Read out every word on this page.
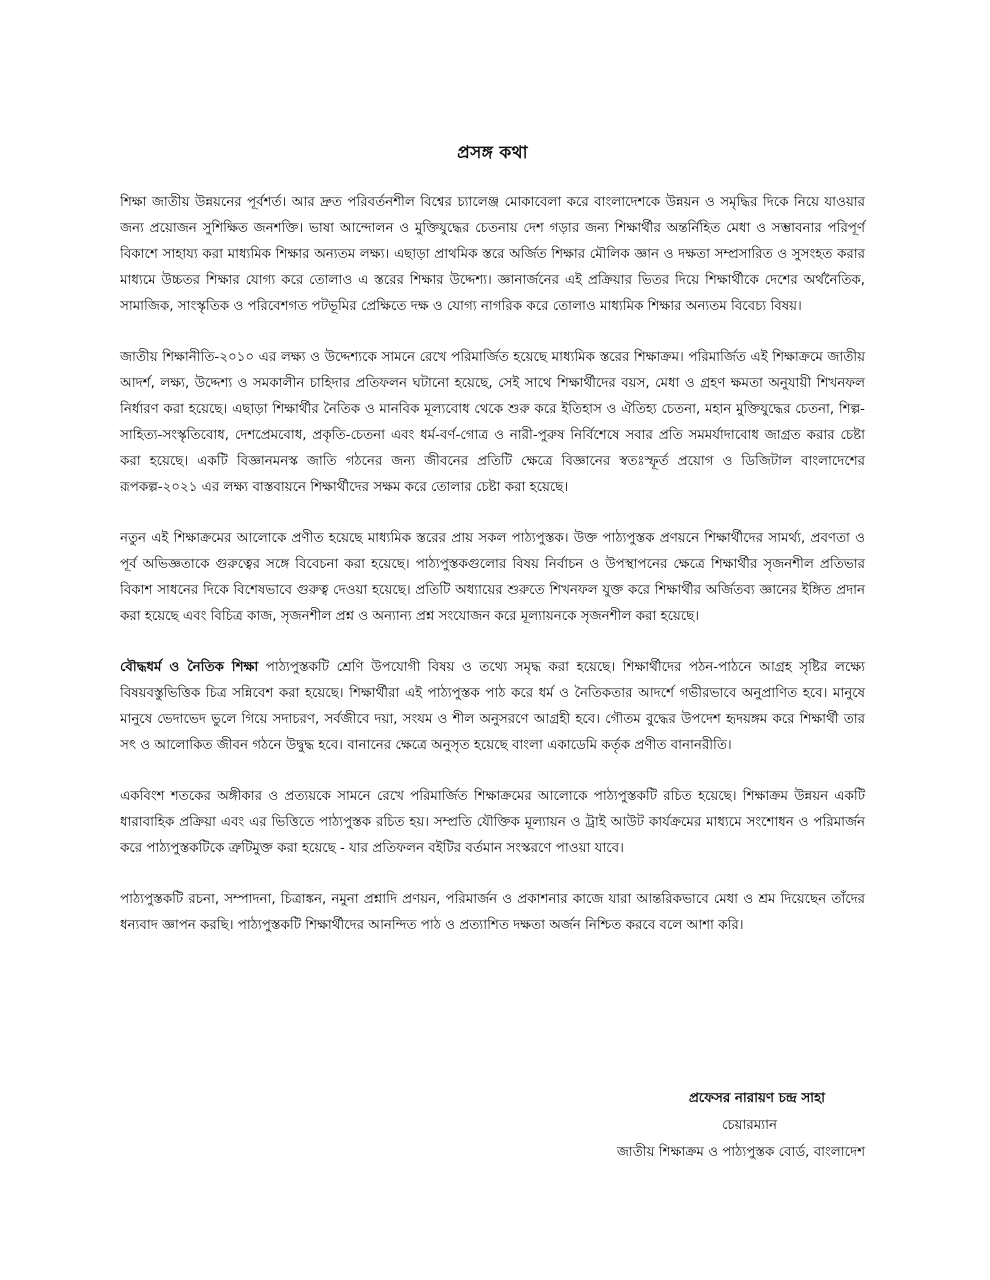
প্রসঙ্গ কথা

শিক্ষা জাতীয় উন্নয়নের পূর্বশর্ত। আর দ্রুত পরিবর্তনশীল বিশ্বের চ্যালেঞ্জ মোকাবেলা করে বাংলাদেশকে উন্নয়ন ও সমৃদ্ধির দিকে নিয়ে যাওয়ার জন্য প্রয়োজন সুশিক্ষিত জনশক্তি। ভাষা আন্দোলন ও মুক্তিযুদ্ধের চেতনায় দেশ গড়ার জন্য শিক্ষার্থীর অন্তর্নিহিত মেধা ও সম্ভাবনার পরিপূর্ণ বিকাশে সাহায্য করা মাধ্যমিক শিক্ষার অন্যতম লক্ষ্য। এছাড়া প্রাথমিক স্তরে অর্জিত শিক্ষার মৌলিক জ্ঞান ও দক্ষতা সম্প্রসারিত ও সুসংহত করার মাধ্যমে উচ্চতর শিক্ষার যোগ্য করে তোলাও এ স্তরের শিক্ষার উদ্দেশ্য। জ্ঞানার্জনের এই প্রক্রিয়ার ভিতর দিয়ে শিক্ষার্থীকে দেশের অর্থনৈতিক, সামাজিক, সাংস্কৃতিক ও পরিবেশগত পটভূমির প্রেক্ষিতে দক্ষ ও যোগ্য নাগরিক করে তোলাও মাধ্যমিক শিক্ষার অন্যতম বিবেচ্য বিষয়।

জাতীয় শিক্ষানীতি-২০১০ এর লক্ষ্য ও উদ্দেশ্যকে সামনে রেখে পরিমার্জিত হয়েছে মাধ্যমিক স্তরের শিক্ষাক্রম। পরিমার্জিত এই শিক্ষাক্রমে জাতীয় আদর্শ, লক্ষ্য, উদ্দেশ্য ও সমকালীন চাহিদার প্রতিফলন ঘটানো হয়েছে, সেই সাথে শিক্ষার্থীদের বয়স, মেধা ও গ্রহণ ক্ষমতা অনুযায়ী শিখনফল নির্ধারণ করা হয়েছে। এছাড়া শিক্ষার্থীর নৈতিক ও মানবিক মূল্যবোধ থেকে শুরু করে ইতিহাস ও ঐতিহ্য চেতনা, মহান মুক্তিযুদ্ধের চেতনা, শিল্প-সাহিত্য-সংস্কৃতিবোধ, দেশপ্রেমবোধ, প্রকৃতি-চেতনা এবং ধর্ম-বর্ণ-গোত্র ও নারী-পুরুষ নির্বিশেষে সবার প্রতি সমমর্যাদাবোধ জাগ্রত করার চেষ্টা করা হয়েছে। একটি বিজ্ঞানমনস্ক জাতি গঠনের জন্য জীবনের প্রতিটি ক্ষেত্রে বিজ্ঞানের স্বতঃস্ফূর্ত প্রয়োগ ও ডিজিটাল বাংলাদেশের রূপকল্প-২০২১ এর লক্ষ্য বাস্তবায়নে শিক্ষার্থীদের সক্ষম করে তোলার চেষ্টা করা হয়েছে।

নতুন এই শিক্ষাক্রমের আলোকে প্রণীত হয়েছে মাধ্যমিক স্তরের প্রায় সকল পাঠ্যপুস্তক। উক্ত পাঠ্যপুস্তক প্রণয়নে শিক্ষার্থীদের সামর্থ্য, প্রবণতা ও পূর্ব অভিজ্ঞতাকে গুরুত্বের সঙ্গে বিবেচনা করা হয়েছে। পাঠ্যপুস্তকগুলোর বিষয় নির্বাচন ও উপস্থাপনের ক্ষেত্রে শিক্ষার্থীর সৃজনশীল প্রতিভার বিকাশ সাধনের দিকে বিশেষভাবে গুরুত্ব দেওয়া হয়েছে। প্রতিটি অধ্যায়ের শুরুতে শিখনফল যুক্ত করে শিক্ষার্থীর অর্জিতব্য জ্ঞানের ইঙ্গিত প্রদান করা হয়েছে এবং বিচিত্র কাজ, সৃজনশীল প্রশ্ন ও অন্যান্য প্রশ্ন সংযোজন করে মূল্যায়নকে সৃজনশীল করা হয়েছে।

বৌদ্ধধর্ম ও নৈতিক শিক্ষা পাঠ্যপুস্তকটি শ্রেণি উপযোগী বিষয় ও তথ্যে সমৃদ্ধ করা হয়েছে। শিক্ষার্থীদের পঠন-পাঠনে আগ্রহ সৃষ্টির লক্ষ্যে বিষয়বস্তুভিত্তিক চিত্র সন্নিবেশ করা হয়েছে। শিক্ষার্থীরা এই পাঠ্যপুস্তক পাঠ করে ধর্ম ও নৈতিকতার আদর্শে গভীরভাবে অনুপ্রাণিত হবে। মানুষে মানুষে ভেদাভেদ ভুলে গিয়ে সদাচরণ, সর্বজীবে দয়া, সংযম ও শীল অনুসরণে আগ্রহী হবে। গৌতম বুদ্ধের উপদেশ হৃদয়ঙ্গম করে শিক্ষার্থী তার সৎ ও আলোকিত জীবন গঠনে উদ্বুদ্ধ হবে। বানানের ক্ষেত্রে অনুসৃত হয়েছে বাংলা একাডেমি কর্তৃক প্রণীত বানানরীতি।

একবিংশ শতকের অঙ্গীকার ও প্রত্যয়কে সামনে রেখে পরিমার্জিত শিক্ষাক্রমের আলোকে পাঠ্যপুস্তকটি রচিত হয়েছে। শিক্ষাক্রম উন্নয়ন একটি ধারাবাহিক প্রক্রিয়া এবং এর ভিত্তিতে পাঠ্যপুস্তক রচিত হয়। সম্প্রতি যৌক্তিক মূল্যায়ন ও ট্রাই আউট কার্যক্রমের মাধ্যমে সংশোধন ও পরিমার্জন করে পাঠ্যপুস্তকটিকে ত্রুটিমুক্ত করা হয়েছে - যার প্রতিফলন বইটির বর্তমান সংস্করণে পাওয়া যাবে।

পাঠ্যপুস্তকটি রচনা, সম্পাদনা, চিত্রাঙ্কন, নমুনা প্রশ্নাদি প্রণয়ন, পরিমার্জন ও প্রকাশনার কাজে যারা আন্তরিকভাবে মেধা ও শ্রম দিয়েছেন তাঁদের ধন্যবাদ জ্ঞাপন করছি। পাঠ্যপুস্তকটি শিক্ষার্থীদের আনন্দিত পাঠ ও প্রত্যাশিত দক্ষতা অর্জন নিশ্চিত করবে বলে আশা করি।

প্রফেসর নারায়ণ চন্দ্র সাহা
চেয়ারম্যান
জাতীয় শিক্ষাক্রম ও পাঠ্যপুস্তক বোর্ড, বাংলাদেশ
